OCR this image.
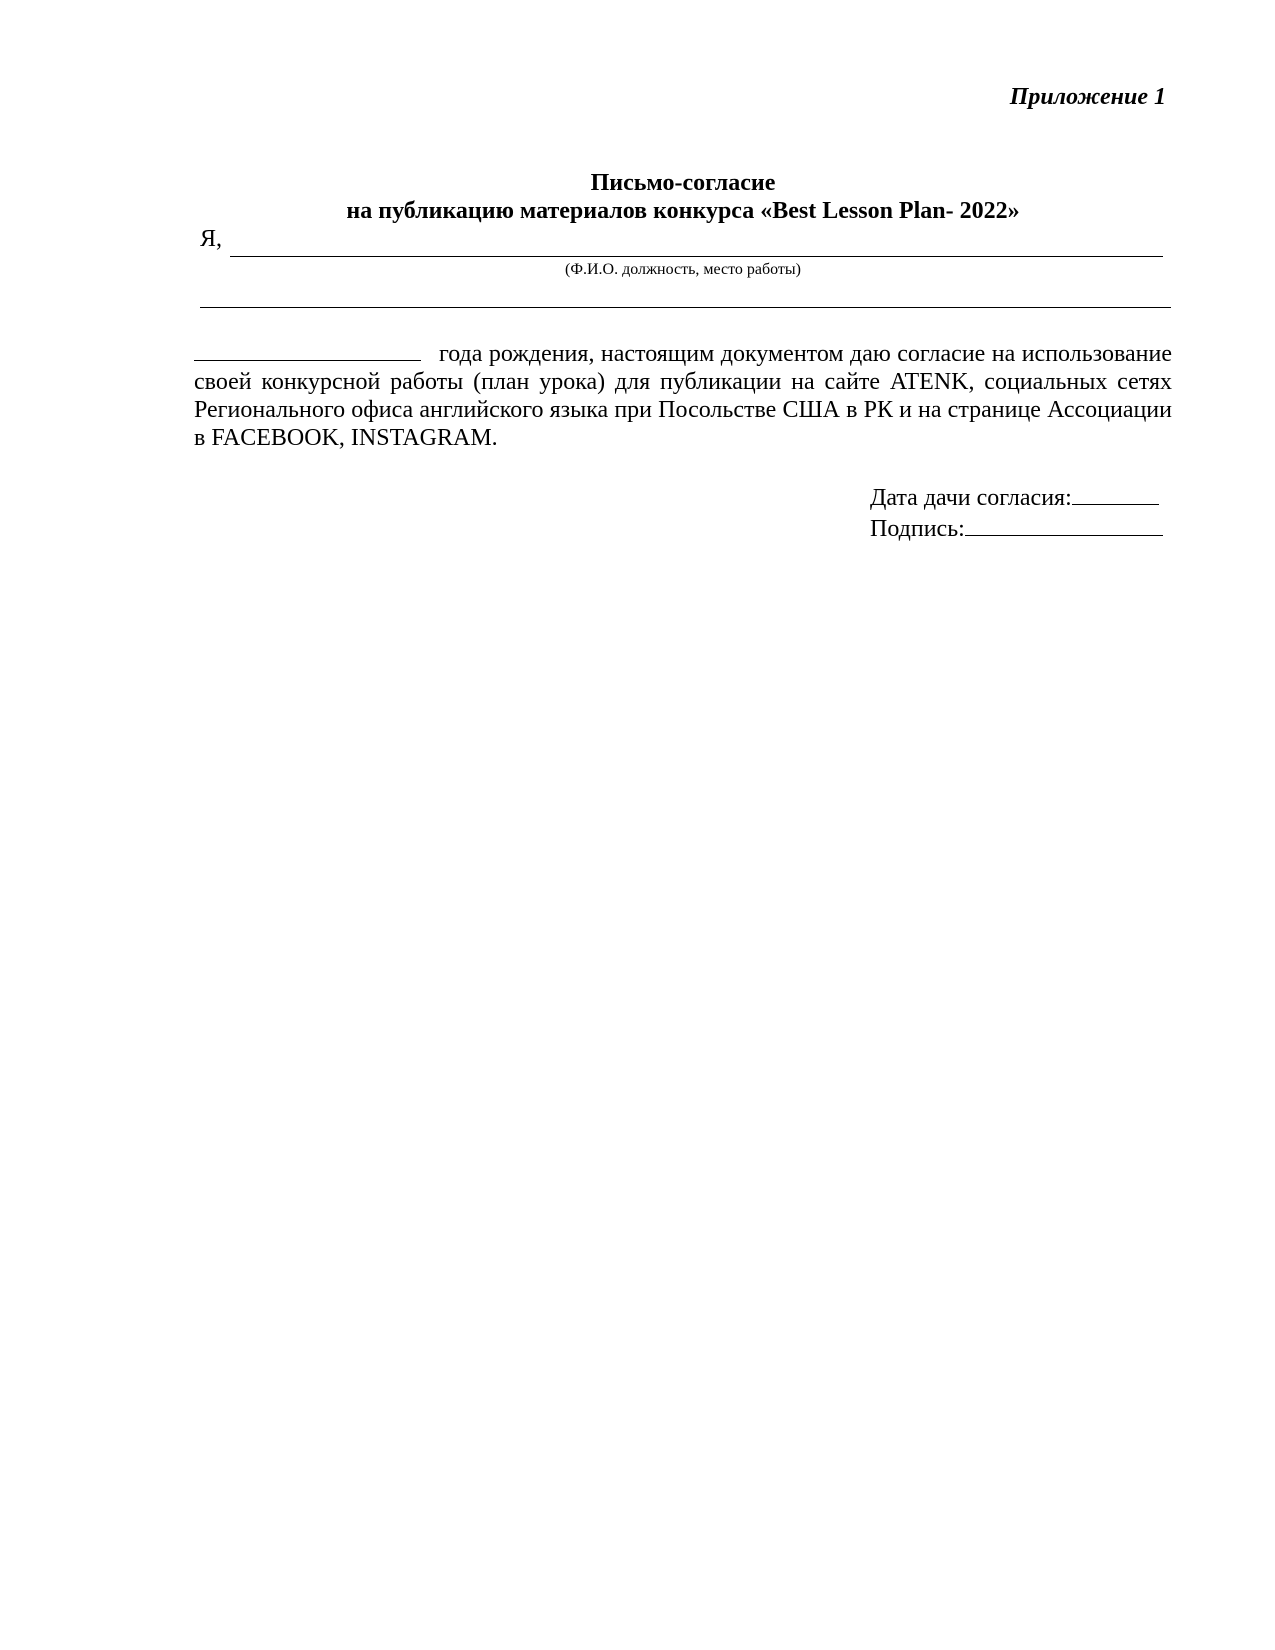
Приложение 1
Письмо-согласие
на публикацию материалов конкурса «Best Lesson Plan- 2022»
Я,
(Ф.И.О. должность, место работы)
года рождения, настоящим документом даю согласие на использование своей конкурсной работы (план урока) для публикации на сайте ATENK, социальных сетях Регионального офиса английского языка при Посольстве США в РК и на странице Ассоциации в FACEBOOK, INSTAGRAM.
Дата дачи согласия:
Подпись:
